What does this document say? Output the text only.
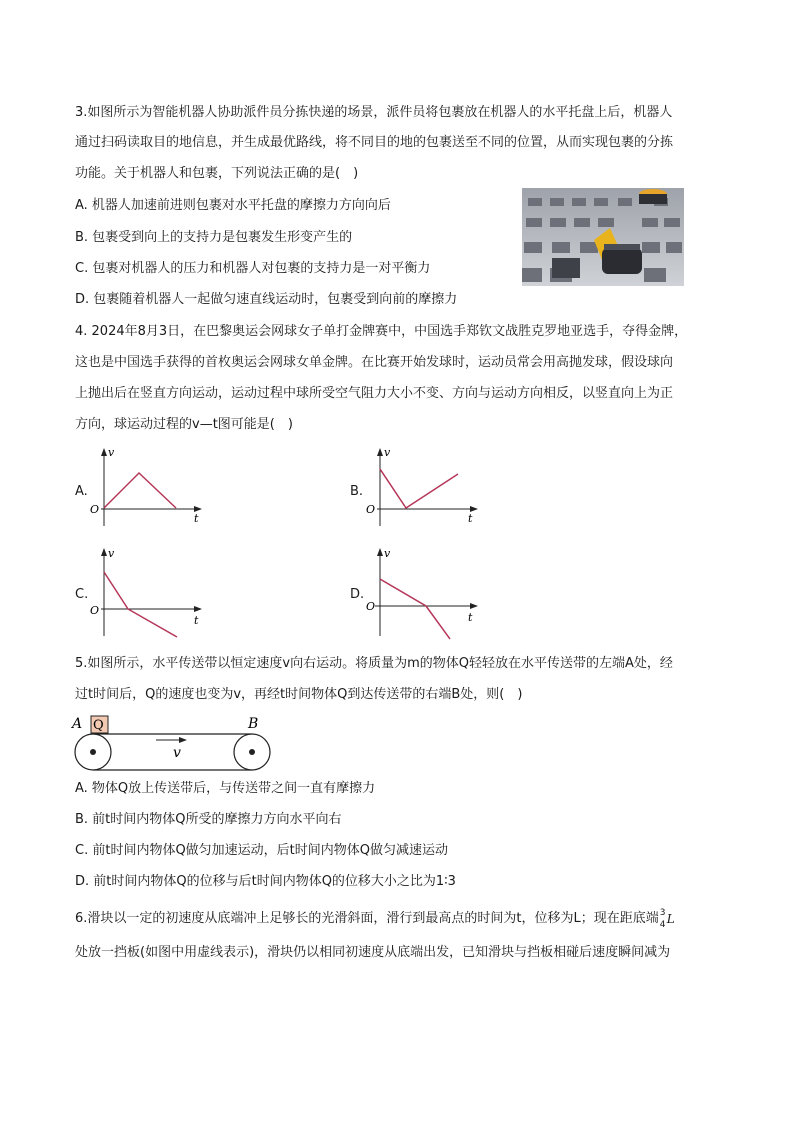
3.如图所示为智能机器人协助派件员分拣快递的场景，派件员将包裹放在机器人的水平托盘上后，机器人
通过扫码读取目的地信息，并生成最优路线，将不同目的地的包裹送至不同的位置，从而实现包裹的分拣
功能。关于机器人和包裹，下列说法正确的是(　)
A. 机器人加速前进则包裹对水平托盘的摩擦力方向向后
B. 包裹受到向上的支持力是包裹发生形变产生的
C. 包裹对机器人的压力和机器人对包裹的支持力是一对平衡力
D. 包裹随着机器人一起做匀速直线运动时，包裹受到向前的摩擦力
4. 2024年8月3日，在巴黎奥运会网球女子单打金牌赛中，中国选手郑钦文战胜克罗地亚选手，夺得金牌，
这也是中国选手获得的首枚奥运会网球女单金牌。在比赛开始发球时，运动员常会用高抛发球，假设球向
上抛出后在竖直方向运动，运动过程中球所受空气阻力大小不变、方向与运动方向相反，以竖直向上为正
方向，球运动过程的v—t图可能是(　)
A.
v
O
t
B.
v
O
t
C.
v
O
t
D.
v
O
t
5.如图所示，水平传送带以恒定速度v向右运动。将质量为m的物体Q轻轻放在水平传送带的左端A处，经
过t时间后，Q的速度也变为v，再经t时间物体Q到达传送带的右端B处，则(　)
A	B
Q
v
A. 物体Q放上传送带后，与传送带之间一直有摩擦力
B. 前t时间内物体Q所受的摩擦力方向水平向右
C. 前t时间内物体Q做匀加速运动，后t时间内物体Q做匀减速运动
D. 前t时间内物体Q的位移与后t时间内物体Q的位移大小之比为1∶3
6.滑块以一定的初速度从底端冲上足够长的光滑斜面，滑行到最高点的时间为t，位移为L；现在距底端 3
4 L
处放一挡板(如图中用虚线表示)，滑块仍以相同初速度从底端出发，已知滑块与挡板相碰后速度瞬间减为
